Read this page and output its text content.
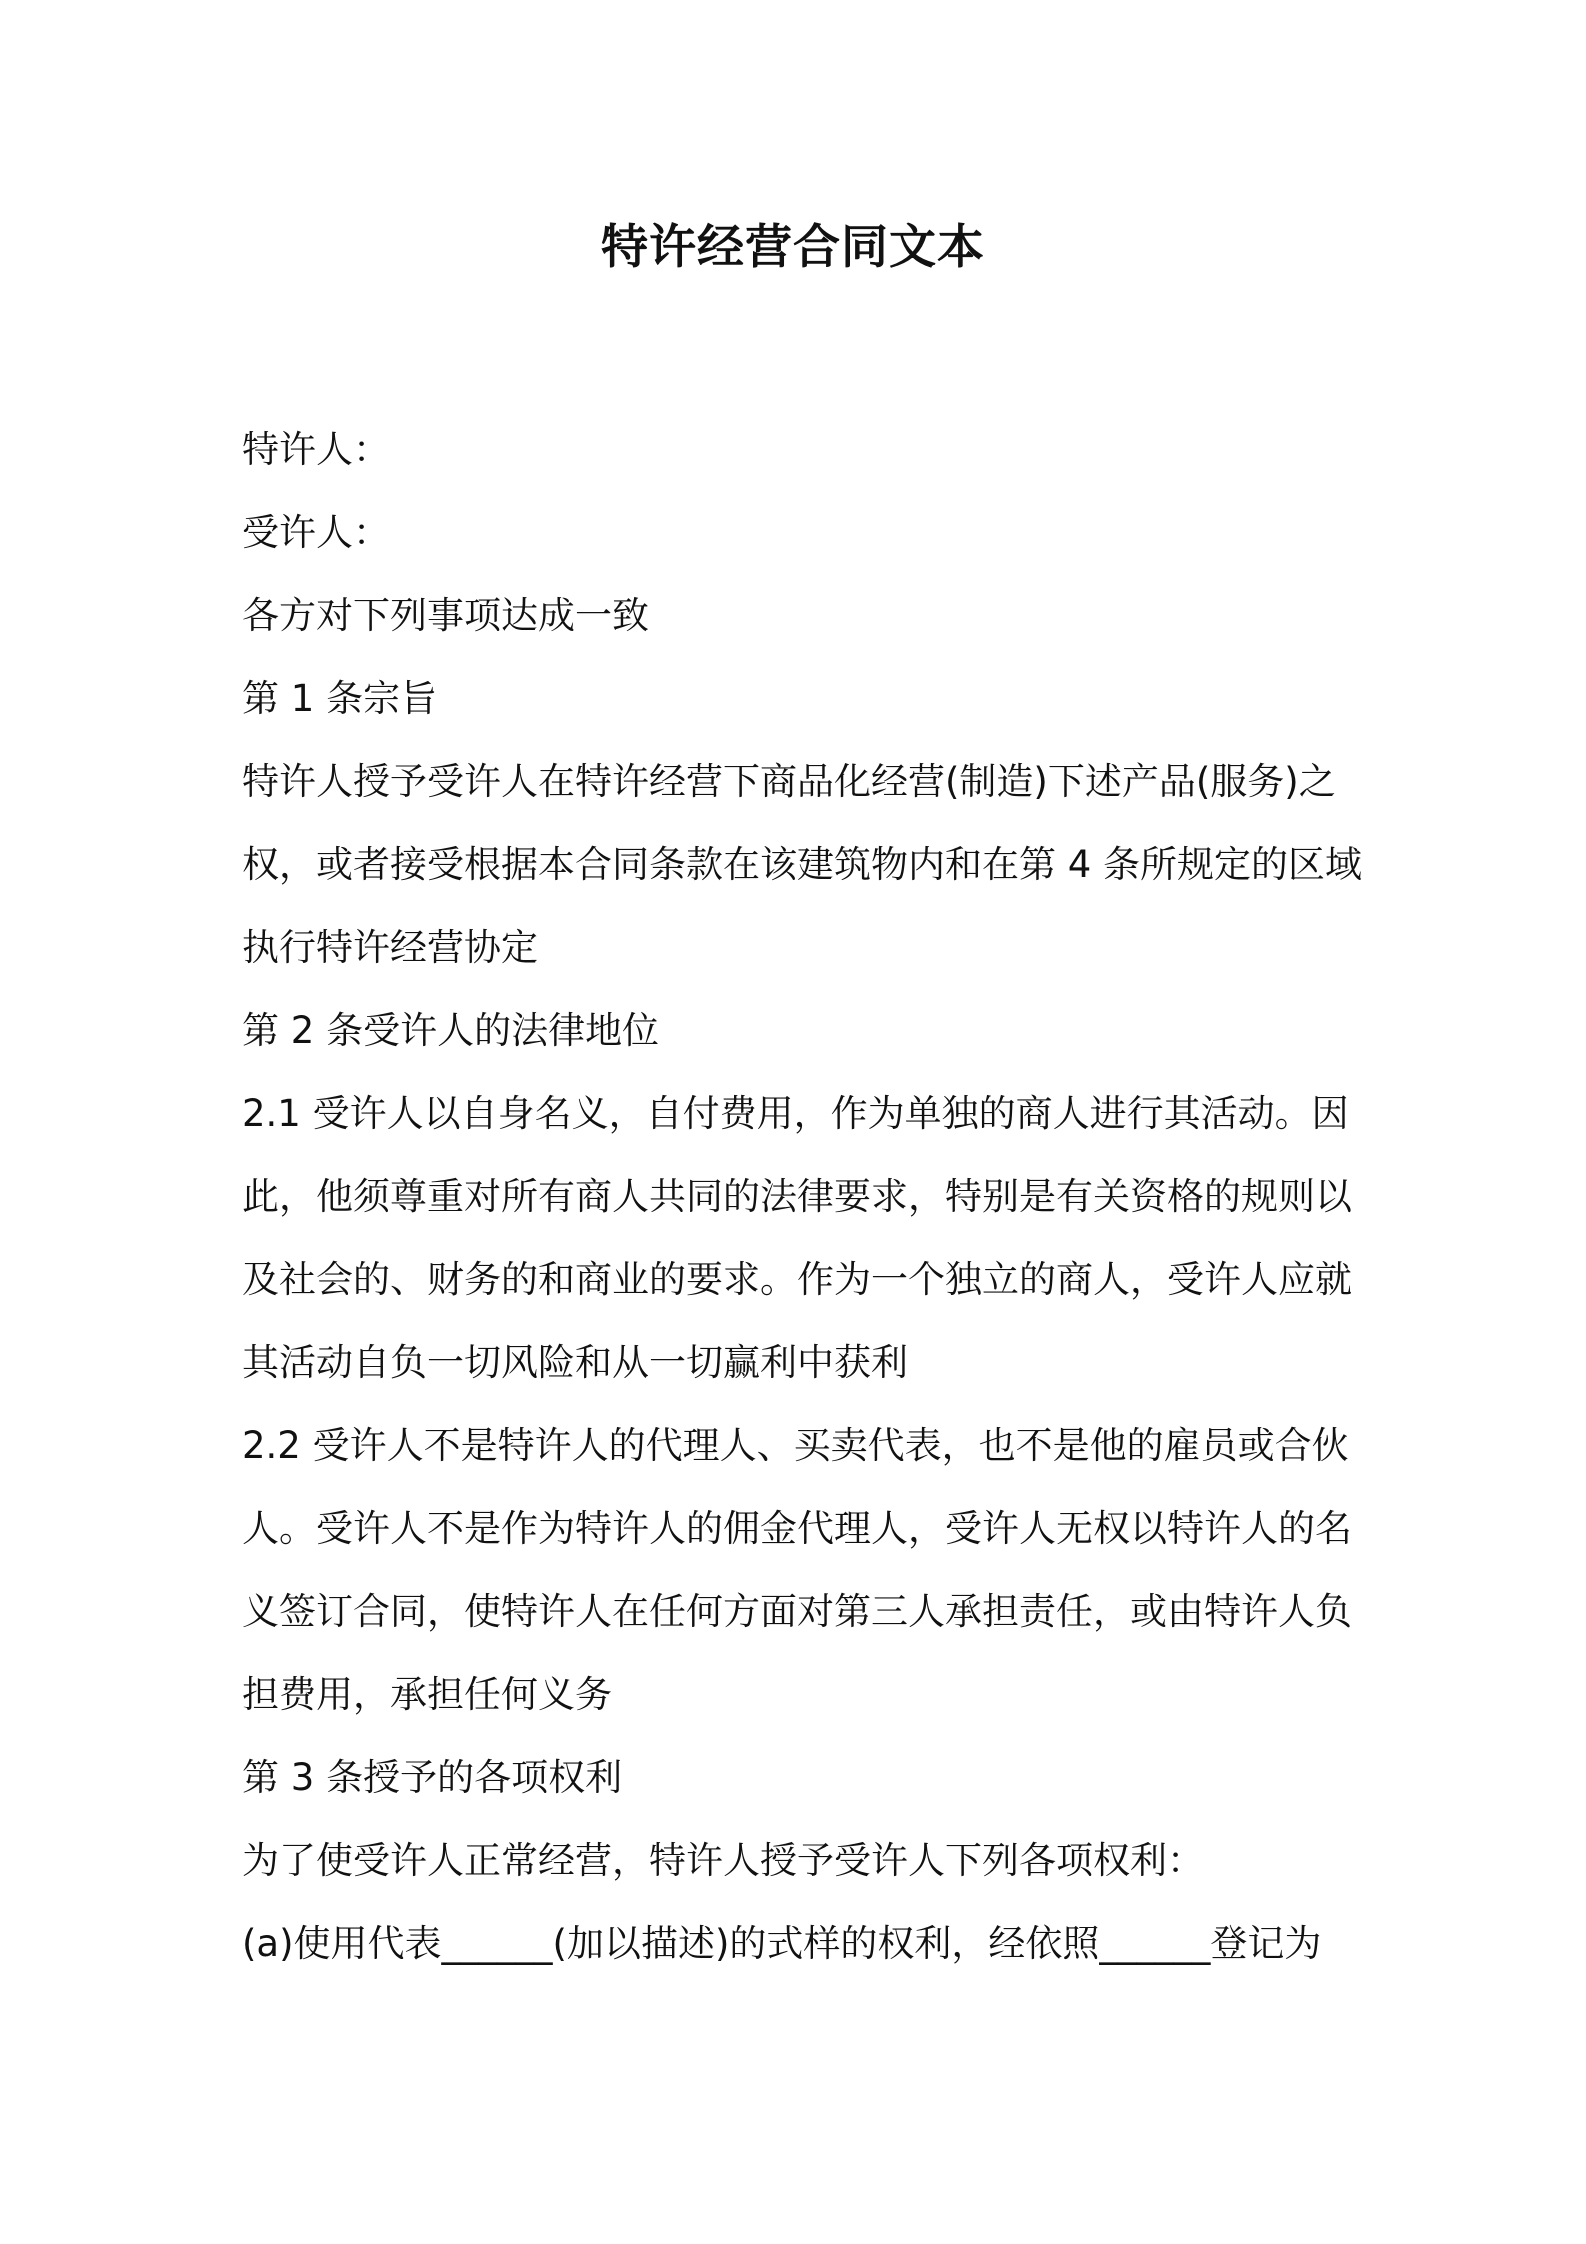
特许经营合同文本
特许人：
受许人：
各方对下列事项达成一致
第 1 条宗旨
特许人授予受许人在特许经营下商品化经营(制造)下述产品(服务)之
权，或者接受根据本合同条款在该建筑物内和在第 4 条所规定的区域
执行特许经营协定
第 2 条受许人的法律地位
2.1 受许人以自身名义，自付费用，作为单独的商人进行其活动。因
此，他须尊重对所有商人共同的法律要求，特别是有关资格的规则以
及社会的、财务的和商业的要求。作为一个独立的商人，受许人应就
其活动自负一切风险和从一切赢利中获利
2.2 受许人不是特许人的代理人、买卖代表，也不是他的雇员或合伙
人。受许人不是作为特许人的佣金代理人，受许人无权以特许人的名
义签订合同，使特许人在任何方面对第三人承担责任，或由特许人负
担费用，承担任何义务
第 3 条授予的各项权利
为了使受许人正常经营，特许人授予受许人下列各项权利：
(a)使用代表______(加以描述)的式样的权利，经依照______登记为
